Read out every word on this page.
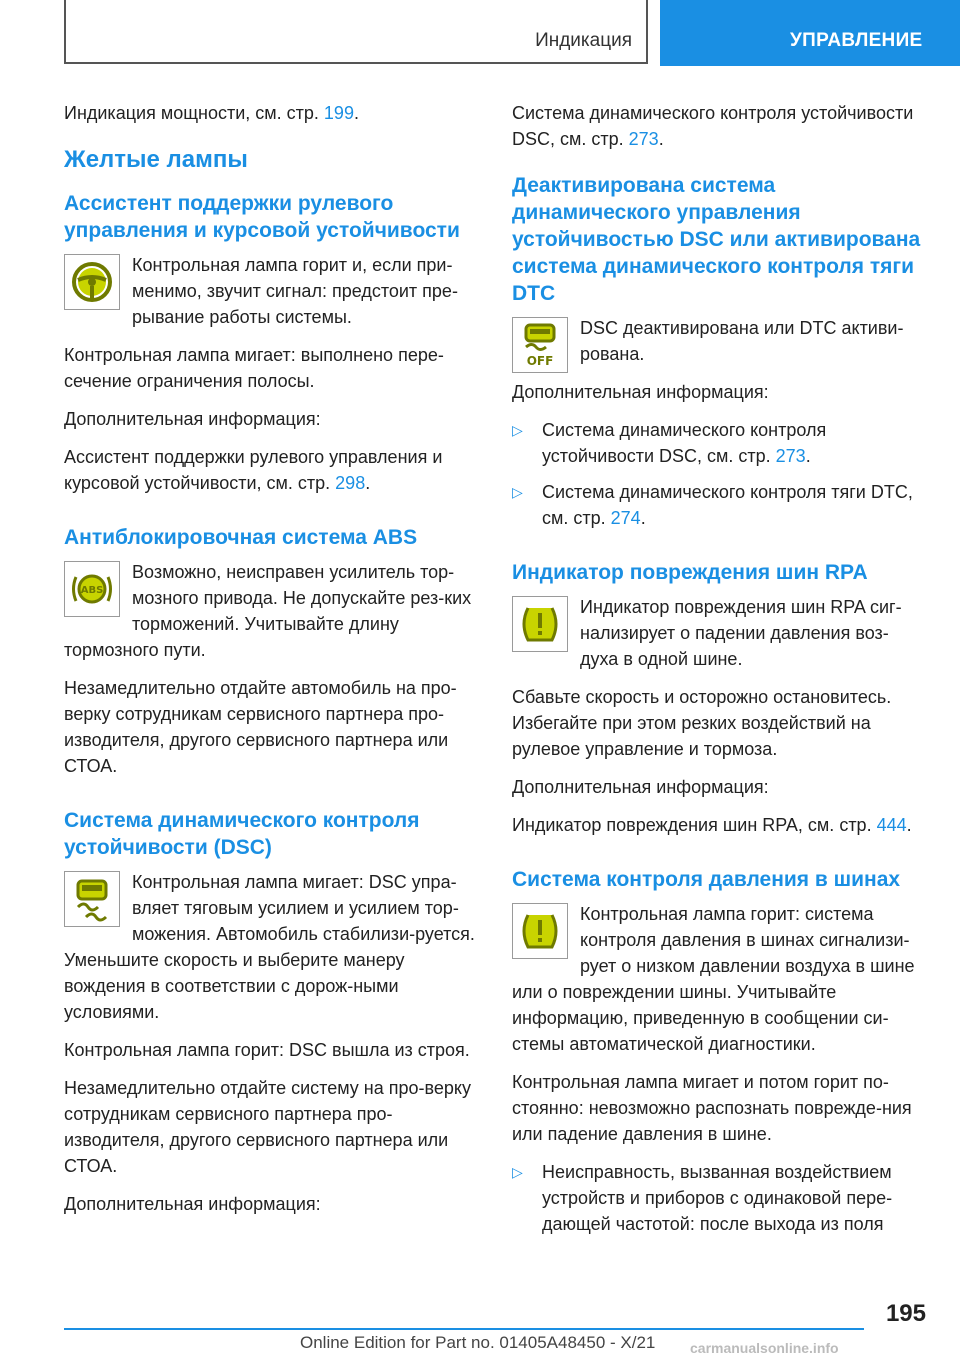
Индикация	УПРАВЛЕНИЕ

Индикация мощности, см. стр. 199.

Желтые лампы
Ассистент поддержки рулевого управления и курсовой устойчивости

Контрольная лампа горит и, если при-менимо, звучит сигнал: предстоит пре-рывание работы системы.

Контрольная лампа мигает: выполнено пере-сечение ограничения полосы.

Дополнительная информация:

Ассистент поддержки рулевого управления и курсовой устойчивости, см. стр. 298.

Антиблокировочная система ABS
ABS

Возможно, неисправен усилитель тор-мозного привода. Не допускайте рез-ких торможений. Учитывайте длину тормозного пути.

Незамедлительно отдайте автомобиль на про-верку сотрудникам сервисного партнера про-изводителя, другого сервисного партнера или СТОА.

Система динамического контроля устойчивости (DSC)

Контрольная лампа мигает: DSC упра-вляет тяговым усилием и усилием тор-можения. Автомобиль стабилизи-руется. Уменьшите скорость и выберите манеру вождения в соответствии с дорож-ными условиями.

Контрольная лампа горит: DSC вышла из строя.

Незамедлительно отдайте систему на про-верку сотрудникам сервисного партнера про-изводителя, другого сервисного партнера или СТОА.

Дополнительная информация:

Система динамического контроля устойчивости DSC, см. стр. 273.

Деактивирована система динамического управления устойчивостью DSC или активирована система динамического контроля тяги DTC
OFF

DSC деактивирована или DTC активи-рована.

Дополнительная информация:

▷ Система динамического контроля устойчивости DSC, см. стр. 273.
▷ Система динамического контроля тяги DTC, см. стр. 274.
Индикатор повреждения шин RPA

Индикатор повреждения шин RPA сиг-нализирует о падении давления воз-духа в одной шине.

Сбавьте скорость и осторожно остановитесь. Избегайте при этом резких воздействий на рулевое управление и тормоза.

Дополнительная информация:

Индикатор повреждения шин RPA, см. стр. 444.

Система контроля давления в шинах

Контрольная лампа горит: система контроля давления в шинах сигнализи-рует о низком давлении воздуха в шине или о повреждении шины. Учитывайте информацию, приведенную в сообщении си-стемы автоматической диагностики.

Контрольная лампа мигает и потом горит по-стоянно: невозможно распознать поврежде-ния или падение давления в шине.

▷ Неисправность, вызванная воздействием устройств и приборов с одинаковой пере-дающей частотой: после выхода из поля
195
Online Edition for Part no. 01405A48450 - X/21 carmanualsonline.info
